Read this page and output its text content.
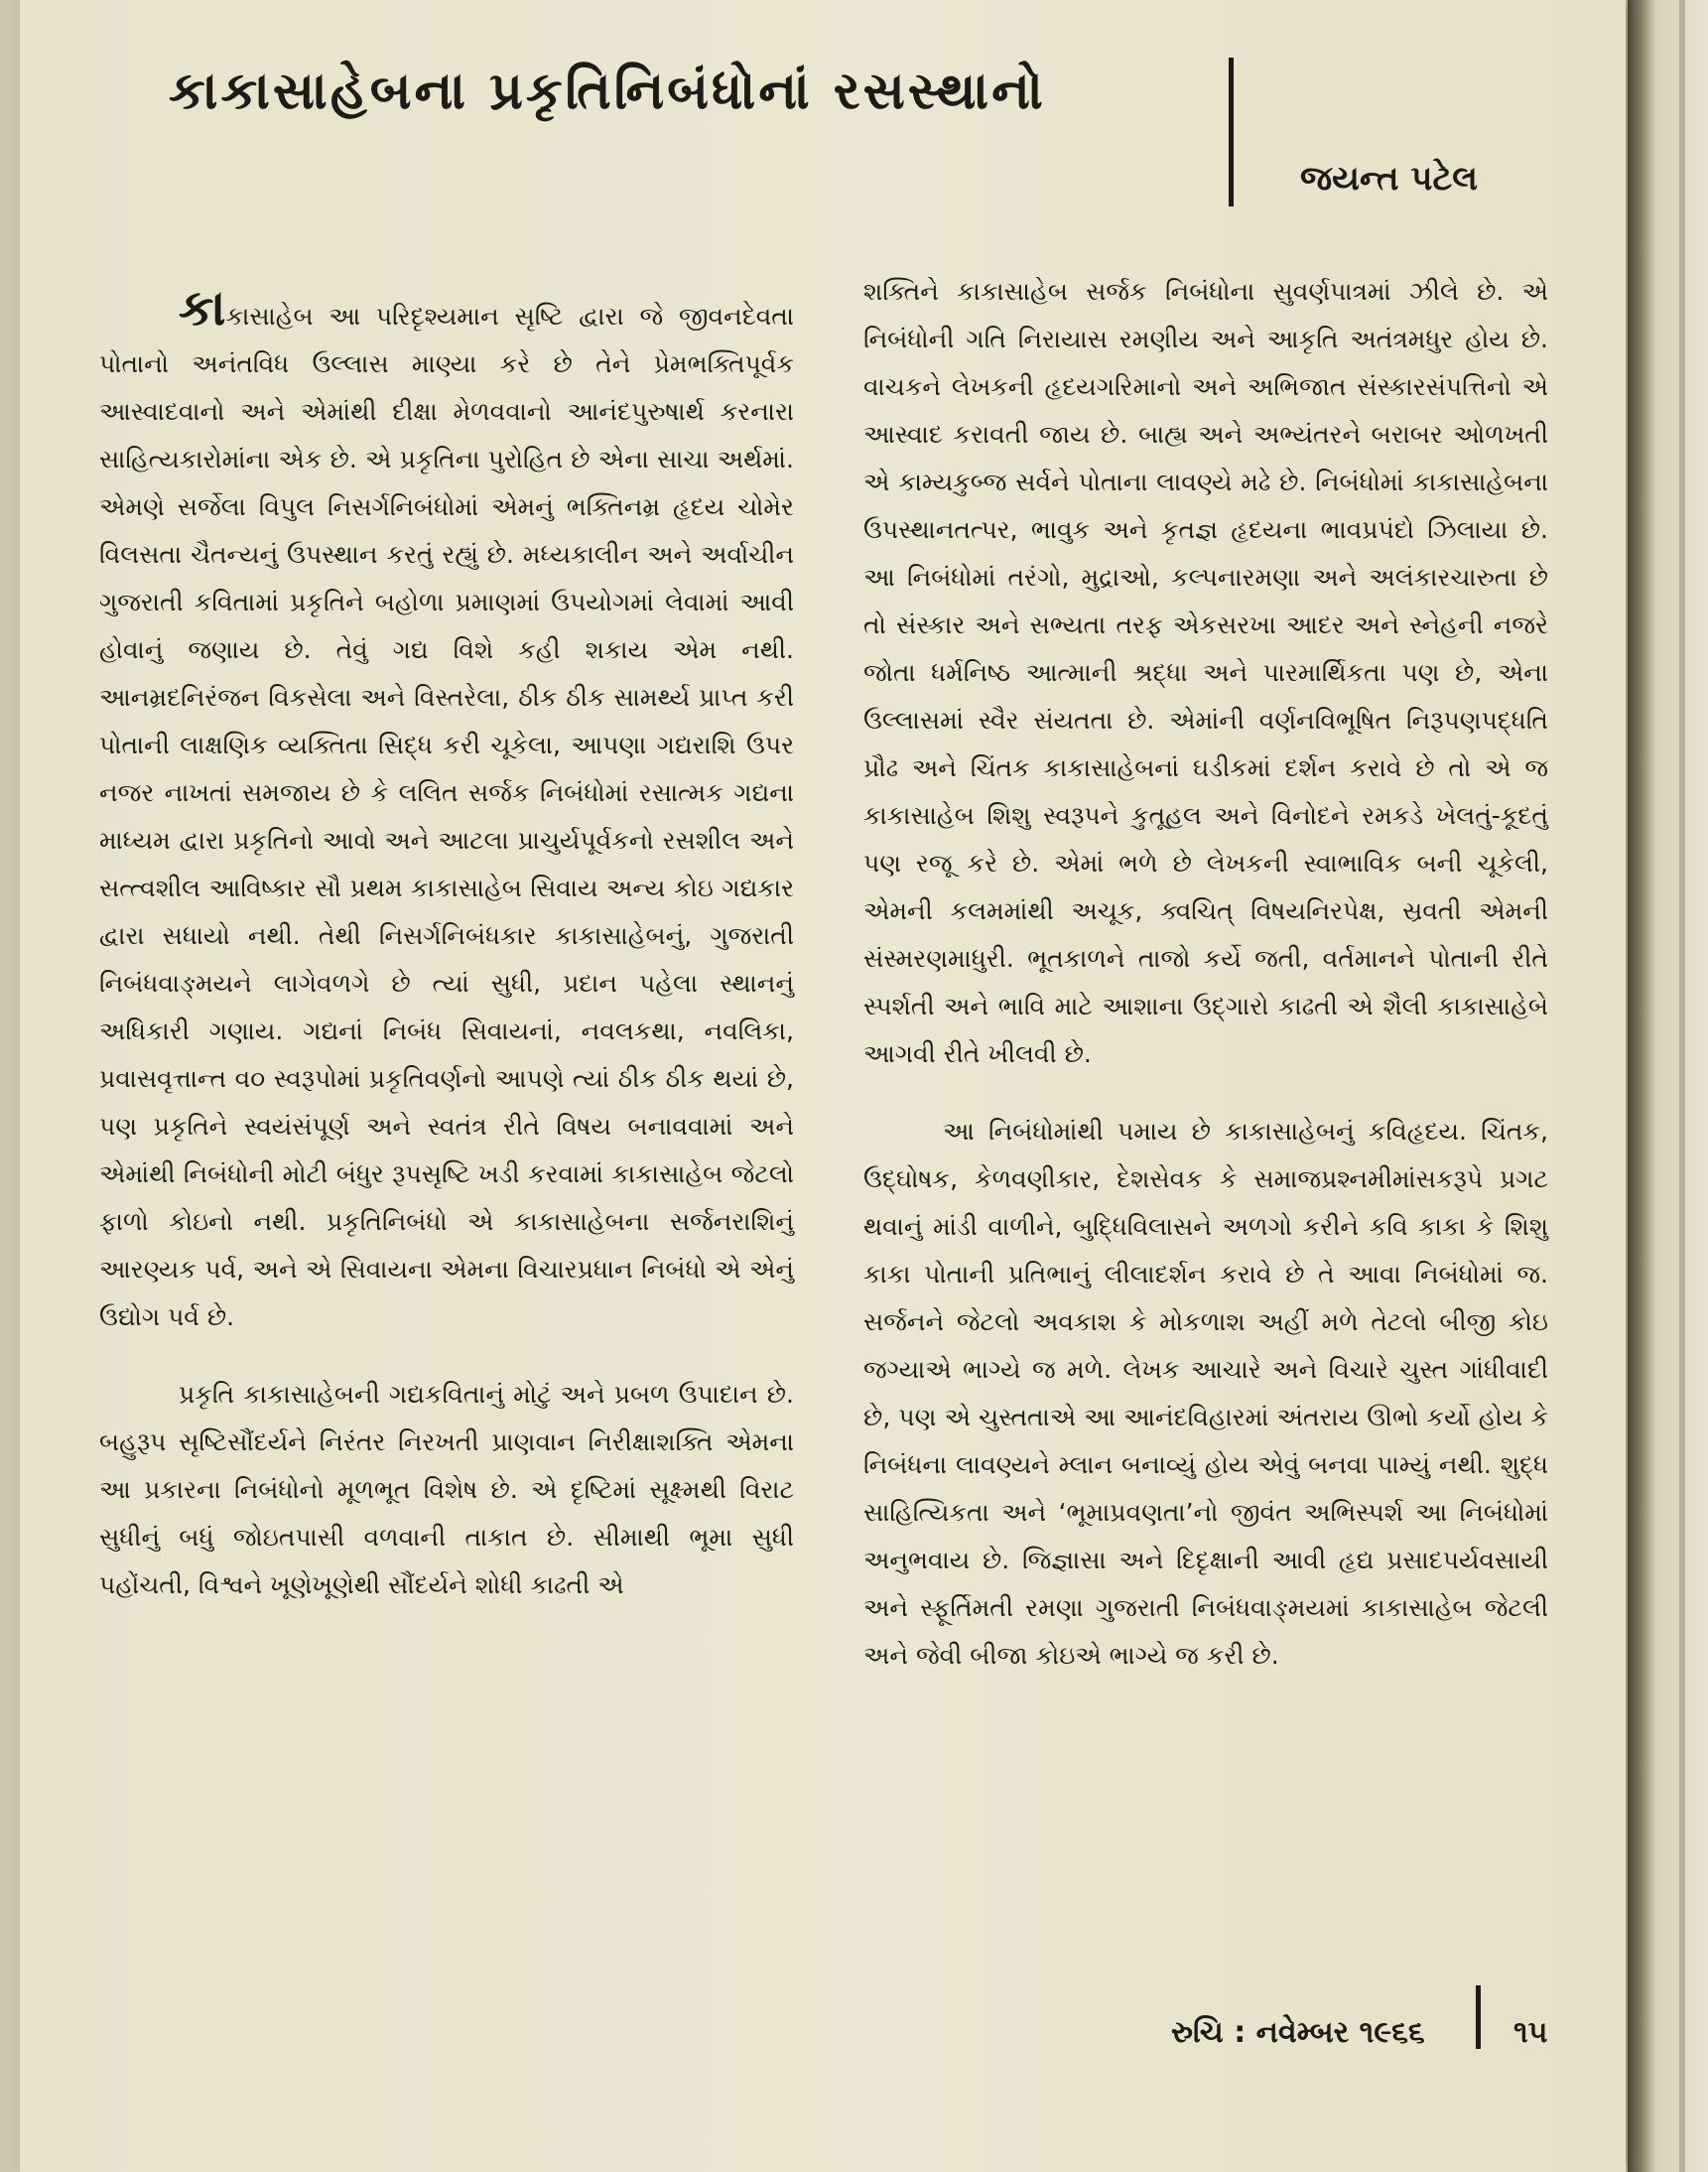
કાકાસાહેબના પ્રકૃતિનિબંધોનાં રસસ્થાનો
જયન્ત પટેલ

કાકાસાહેબ આ પરિદૃશ્યમાન સૃષ્ટિ દ્વારા જે જીવનદેવતા પોતાનો અનંતવિધ ઉલ્લાસ માણ્યા કરે છે તેને પ્રેમભક્તિપૂર્વક આસ્વાદવાનો અને એમાંથી દીક્ષા મેળવવાનો આનંદપુરુષાર્થ કરનારા સાહિત્યકારોમાંના એક છે. એ પ્રકૃતિના પુરોહિત છે એના સાચા અર્થમાં. એમણે સર્જેલા વિપુલ નિસર્ગનિબંધોમાં એમનું ભક્તિનમ્ર હૃદય ચોમેર વિલસતા ચૈતન્યનું ઉપસ્થાન કરતું રહ્યું છે. મધ્યકાલીન અને અર્વાચીન ગુજરાતી કવિતામાં પ્રકૃતિને બહોળા પ્રમાણમાં ઉપયોગમાં લેવામાં આવી હોવાનું જણાય છે. તેવું ગદ્ય વિશે કહી શકાય એમ નથી. આનમ્રદનિરંજન વિકસેલા અને વિસ્તરેલા, ઠીક ઠીક સામર્થ્ય પ્રાપ્ત કરી પોતાની લાક્ષણિક વ્યક્તિતા સિદ્ધ કરી ચૂકેલા, આપણા ગદ્યરાશિ ઉપર નજર નાખતાં સમજાય છે કે લલિત સર્જક નિબંધોમાં રસાત્મક ગદ્યના માધ્યમ દ્વારા પ્રકૃતિનો આવો અને આટલા પ્રાચુર્યપૂર્વકનો રસશીલ અને સત્ત્વશીલ આવિષ્કાર સૌ પ્રથમ કાકાસાહેબ સિવાય અન્ય કોઇ ગદ્યકાર દ્વારા સધાયો નથી. તેથી નિસર્ગનિબંધકાર કાકાસાહેબનું, ગુજરાતી નિબંધવાઙ્મયને લાગેવળગે છે ત્યાં સુધી, પ્રદાન પહેલા સ્થાનનું અધિકારી ગણાય. ગદ્યનાં નિબંધ સિવાયનાં, નવલકથા, નવલિકા, પ્રવાસવૃત્તાન્ત વ૦ સ્વરૂપોમાં પ્રકૃતિવર્ણનો આપણે ત્યાં ઠીક ઠીક થયાં છે, પણ પ્રકૃતિને સ્વયંસંપૂર્ણ અને સ્વતંત્ર રીતે વિષય બનાવવામાં અને એમાંથી નિબંધોની મોટી બંધુર રૂપસૃષ્ટિ ખડી કરવામાં કાકાસાહેબ જેટલો ફાળો કોઇનો નથી. પ્રકૃતિનિબંધો એ કાકાસાહેબના સર્જનરાશિનું આરણ્યક પર્વ, અને એ સિવાયના એમના વિચારપ્રધાન નિબંધો એ એનું ઉદ્યોગ પર્વ છે.

પ્રકૃતિ કાકાસાહેબની ગદ્યકવિતાનું મોટું અને પ્રબળ ઉપાદાન છે. બહુરૂપ સૃષ્ટિસૌંદર્યને નિરંતર નિરખતી પ્રાણવાન નિરીક્ષાશક્તિ એમના આ પ્રકારના નિબંધોનો મૂળભૂત વિશેષ છે. એ દૃષ્ટિમાં સૂક્ષ્મથી વિરાટ સુધીનું બધું જોઇતપાસી વળવાની તાકાત છે. સીમાથી ભૂમા સુધી પહોંચતી, વિશ્વને ખૂણેખૂણેથી સૌંદર્યને શોધી કાઢતી એ

શક્તિને કાકાસાહેબ સર્જક નિબંધોના સુવર્ણપાત્રમાં ઝીલે છે. એ નિબંધોની ગતિ નિરાયાસ રમણીય અને આકૃતિ અતંત્રમધુર હોય છે. વાચકને લેખકની હૃદયગરિમાનો અને અભિજાત સંસ્કારસંપત્તિનો એ આસ્વાદ કરાવતી જાય છે. બાહ્ય અને અભ્યંતરને બરાબર ઓળખતી એ કામ્યકુબ્જ સર્વને પોતાના લાવણ્યે મઢે છે. નિબંધોમાં કાકાસાહેબના ઉપસ્થાનતત્પર, ભાવુક અને કૃતજ્ઞ હૃદયના ભાવપ્રપંદો ઝિલાયા છે. આ નિબંધોમાં તરંગો, મુદ્રાઓ, કલ્પનારમણા અને અલંકારચારુતા છે તો સંસ્કાર અને સભ્યતા તરફ એકસરખા આદર અને સ્નેહની નજરે જોતા ધર્મનિષ્ઠ આત્માની શ્રદ્ધા અને પારમાર્થિકતા પણ છે, એના ઉલ્લાસમાં સ્વૈર સંયતતા છે. એમાંની વર્ણનવિભૂષિત નિરૂપણપદ્ધતિ પ્રૌઢ અને ચિંતક કાકાસાહેબનાં ઘડીકમાં દર્શન કરાવે છે તો એ જ કાકાસાહેબ શિશુ સ્વરૂપને કુતૂહલ અને વિનોદને રમકડે ખેલતું-કૂદતું પણ રજૂ કરે છે. એમાં ભળે છે લેખકની સ્વાભાવિક બની ચૂકેલી, એમની કલમમાંથી અચૂક, ક્વચિત્ વિષયનિરપેક્ષ, સ્રવતી એમની સંસ્મરણમાધુરી. ભૂતકાળને તાજો કર્યે જતી, વર્તમાનને પોતાની રીતે સ્પર્શતી અને ભાવિ માટે આશાના ઉદ્ગારો કાઢતી એ શૈલી કાકાસાહેબે આગવી રીતે ખીલવી છે.

આ નિબંધોમાંથી પમાય છે કાકાસાહેબનું કવિહૃદય. ચિંતક, ઉદ્ઘોષક, કેળવણીકાર, દેશસેવક કે સમાજપ્રશ્નમીમાંસકરૂપે પ્રગટ થવાનું માંડી વાળીને, બુદ્ધિવિલાસને અળગો કરીને કવિ કાકા કે શિશુ કાકા પોતાની પ્રતિભાનું લીલાદર્શન કરાવે છે તે આવા નિબંધોમાં જ. સર્જનને જેટલો અવકાશ કે મોકળાશ અહીં મળે તેટલો બીજી કોઇ જગ્યાએ ભાગ્યે જ મળે. લેખક આચારે અને વિચારે ચુસ્ત ગાંધીવાદી છે, પણ એ ચુસ્તતાએ આ આનંદવિહારમાં અંતરાય ઊભો કર્યો હોય કે નિબંધના લાવણ્યને મ્લાન બનાવ્યું હોય એવું બનવા પામ્યું નથી. શુદ્ધ સાહિત્યિકતા અને ‘ભૂમાપ્રવણતા’નો જીવંત અભિસ્પર્શ આ નિબંધોમાં અનુભવાય છે. જિજ્ઞાસા અને દિદૃક્ષાની આવી હૃદ્ય પ્રસાદપર્યવસાયી અને સ્ફૂર્તિમતી રમણા ગુજરાતી નિબંધવાઙ્મયમાં કાકાસાહેબ જેટલી અને જેવી બીજા કોઇએ ભાગ્યે જ કરી છે.

રુચિ : નવેમ્બર ૧૯૬૬	૧૫
